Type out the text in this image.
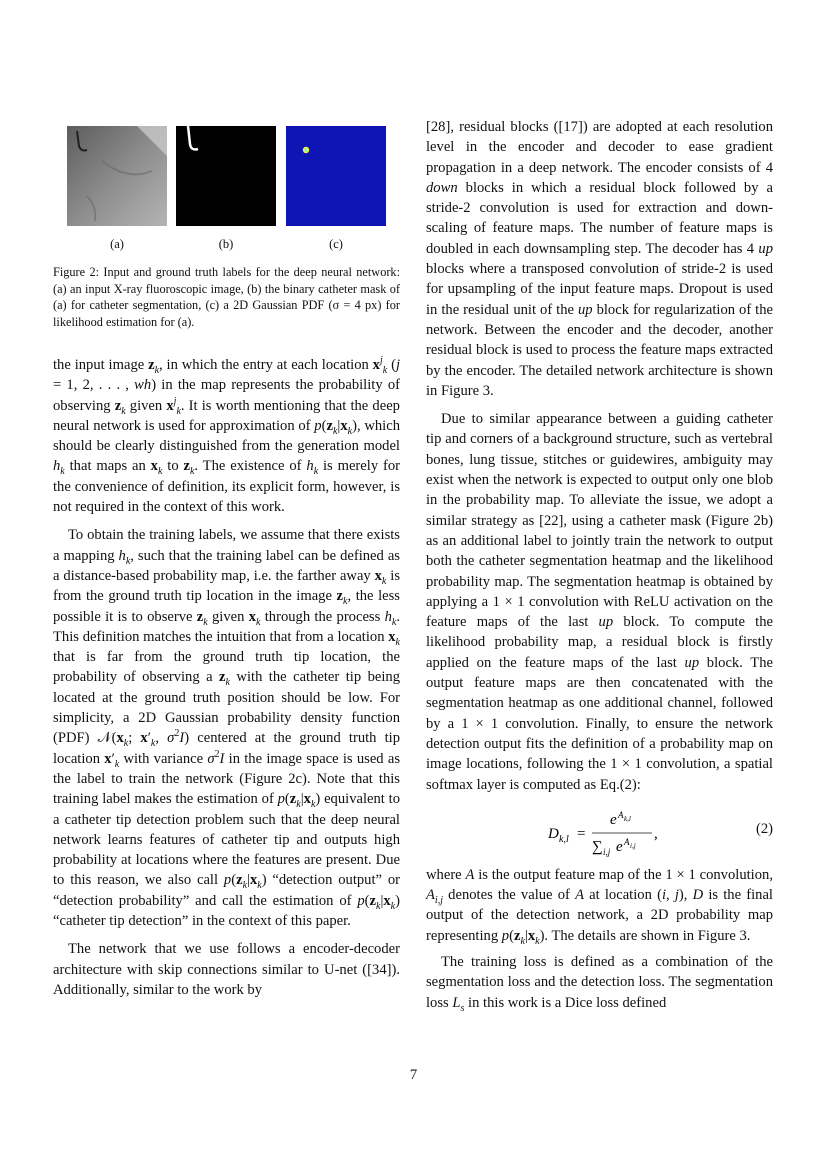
(a)	(b)	(c)
Figure 2: Input and ground truth labels for the deep neural network: (a) an input X-ray fluoroscopic image, (b) the binary catheter mask of (a) for catheter segmentation, (c) a 2D Gaussian PDF (σ = 4 px) for likelihood estimation for (a).

the input image $z_k$, in which the entry at each location $x^j_k$ (j = 1, 2, . . . , wh) in the map represents the probability of observing $z_k$ given $x^j_k$. It is worth mentioning that the deep neural network is used for approximation of $p(z_k|x_k)$, which should be clearly distinguished from the generation model $h_k$ that maps an $x_k$ to $z_k$. The existence of $h_k$ is merely for the convenience of definition, its explicit form, however, is not required in the context of this work.

To obtain the training labels, we assume that there exists a mapping $h_k$, such that the training label can be defined as a distance-based probability map, i.e. the farther away $x_k$ is from the ground truth tip location in the image $z_k$, the less possible it is to observe $z_k$ given $x_k$ through the process $h_k$. This definition matches the intuition that from a location $x_k$ that is far from the ground truth tip location, the probability of observing a $z_k$ with the catheter tip being located at the ground truth position should be low. For simplicity, a 2D Gaussian probability density function (PDF) $𝒩(x_k$; $x'_k$, $\sigma^2I$) centered at the ground truth tip location $x'_k$ with variance $\sigma^2I$ in the image space is used as the label to train the network (Figure 2c). Note that this training label makes the estimation of $p(z_k|x_k)$ equivalent to a catheter tip detection problem such that the deep neural network learns features of catheter tip and outputs high probability at locations where the features are present. Due to this reason, we also call $p(z_k|x_k)$ “detection output” or “detection probability” and call the estimation of $p(z_k|x_k)$ “catheter tip detection” in the context of this paper.

The network that we use follows a encoder-decoder architecture with skip connections similar to U-net ([34]). Additionally, similar to the work by

[28], residual blocks ([17]) are adopted at each resolution level in the encoder and decoder to ease gradient propagation in a deep network. The encoder consists of 4 down blocks in which a residual block followed by a stride-2 convolution is used for extraction and down-scaling of feature maps. The number of feature maps is doubled in each downsampling step. The decoder has 4 up blocks where a transposed convolution of stride-2 is used for upsampling of the input feature maps. Dropout is used in the residual unit of the up block for regularization of the network. Between the encoder and the decoder, another residual block is used to process the feature maps extracted by the encoder. The detailed network architecture is shown in Figure 3.

Due to similar appearance between a guiding catheter tip and corners of a background structure, such as vertebral bones, lung tissue, stitches or guidewires, ambiguity may exist when the network is expected to output only one blob in the probability map. To alleviate the issue, we adopt a similar strategy as [22], using a catheter mask (Figure 2b) as an additional label to jointly train the network to output both the catheter segmentation heatmap and the likelihood probability map. The segmentation heatmap is obtained by applying a 1 × 1 convolution with ReLU activation on the feature maps of the last up block. To compute the likelihood probability map, a residual block is firstly applied on the feature maps of the last up block. The output feature maps are then concatenated with the segmentation heatmap as one additional channel, followed by a 1 × 1 convolution. Finally, to ensure the network detection output fits the definition of a probability map on image locations, following the 1 × 1 convolution, a spatial softmax layer is computed as Eq.(2):

D k,l =
e A k,l
∑ i,j e A i,j
,	(2)

where A is the output feature map of the 1 × 1 convolution, $A_{i,j}$ denotes the value of A at location (i, j), D is the final output of the detection network, a 2D probability map representing $p(z_k|x_k)$. The details are shown in Figure 3.

The training loss is defined as a combination of the segmentation loss and the detection loss. The segmentation loss $L_s$ in this work is a Dice loss defined

7
